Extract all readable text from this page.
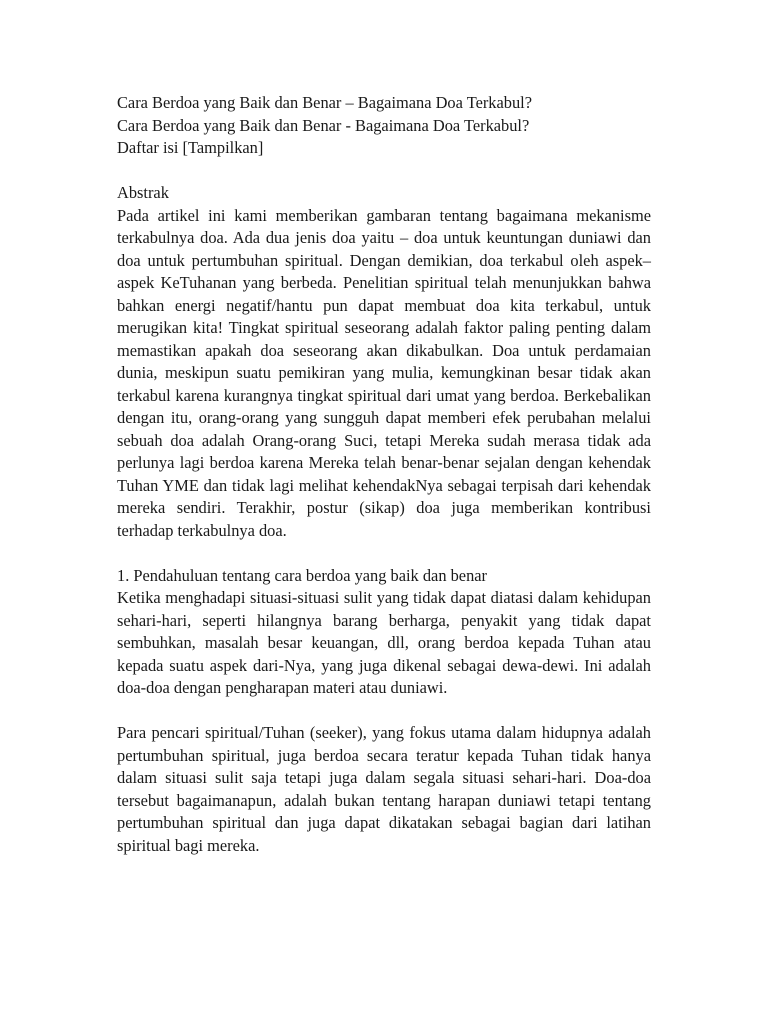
Cara Berdoa yang Baik dan Benar – Bagaimana Doa Terkabul?
Cara Berdoa yang Baik dan Benar - Bagaimana Doa Terkabul?
Daftar isi [Tampilkan]
Abstrak
Pada artikel ini kami memberikan gambaran tentang bagaimana mekanisme terkabulnya doa. Ada dua jenis doa yaitu – doa untuk keuntungan duniawi dan doa untuk pertumbuhan spiritual. Dengan demikian, doa terkabul oleh aspek–aspek KeTuhanan yang berbeda. Penelitian spiritual telah menunjukkan bahwa bahkan energi negatif/hantu pun dapat membuat doa kita terkabul, untuk merugikan kita! Tingkat spiritual seseorang adalah faktor paling penting dalam memastikan apakah doa seseorang akan dikabulkan. Doa untuk perdamaian dunia, meskipun suatu pemikiran yang mulia, kemungkinan besar tidak akan terkabul karena kurangnya tingkat spiritual dari umat yang berdoa. Berkebalikan dengan itu, orang-orang yang sungguh dapat memberi efek perubahan melalui sebuah doa adalah Orang-orang Suci, tetapi Mereka sudah merasa tidak ada perlunya lagi berdoa karena Mereka telah benar-benar sejalan dengan kehendak Tuhan YME dan tidak lagi melihat kehendakNya sebagai terpisah dari kehendak mereka sendiri. Terakhir, postur (sikap) doa juga memberikan kontribusi terhadap terkabulnya doa.
1. Pendahuluan tentang cara berdoa yang baik dan benar
Ketika menghadapi situasi-situasi sulit yang tidak dapat diatasi dalam kehidupan sehari-hari, seperti hilangnya barang berharga, penyakit yang tidak dapat sembuhkan, masalah besar keuangan, dll, orang berdoa kepada Tuhan atau kepada suatu aspek dari-Nya, yang juga dikenal sebagai dewa-dewi. Ini adalah doa-doa dengan pengharapan materi atau duniawi.
Para pencari spiritual/Tuhan (seeker), yang fokus utama dalam hidupnya adalah pertumbuhan spiritual, juga berdoa secara teratur kepada Tuhan tidak hanya dalam situasi sulit saja tetapi juga dalam segala situasi sehari-hari. Doa-doa tersebut bagaimanapun, adalah bukan tentang harapan duniawi tetapi tentang pertumbuhan spiritual dan juga dapat dikatakan sebagai bagian dari latihan spiritual bagi mereka.
